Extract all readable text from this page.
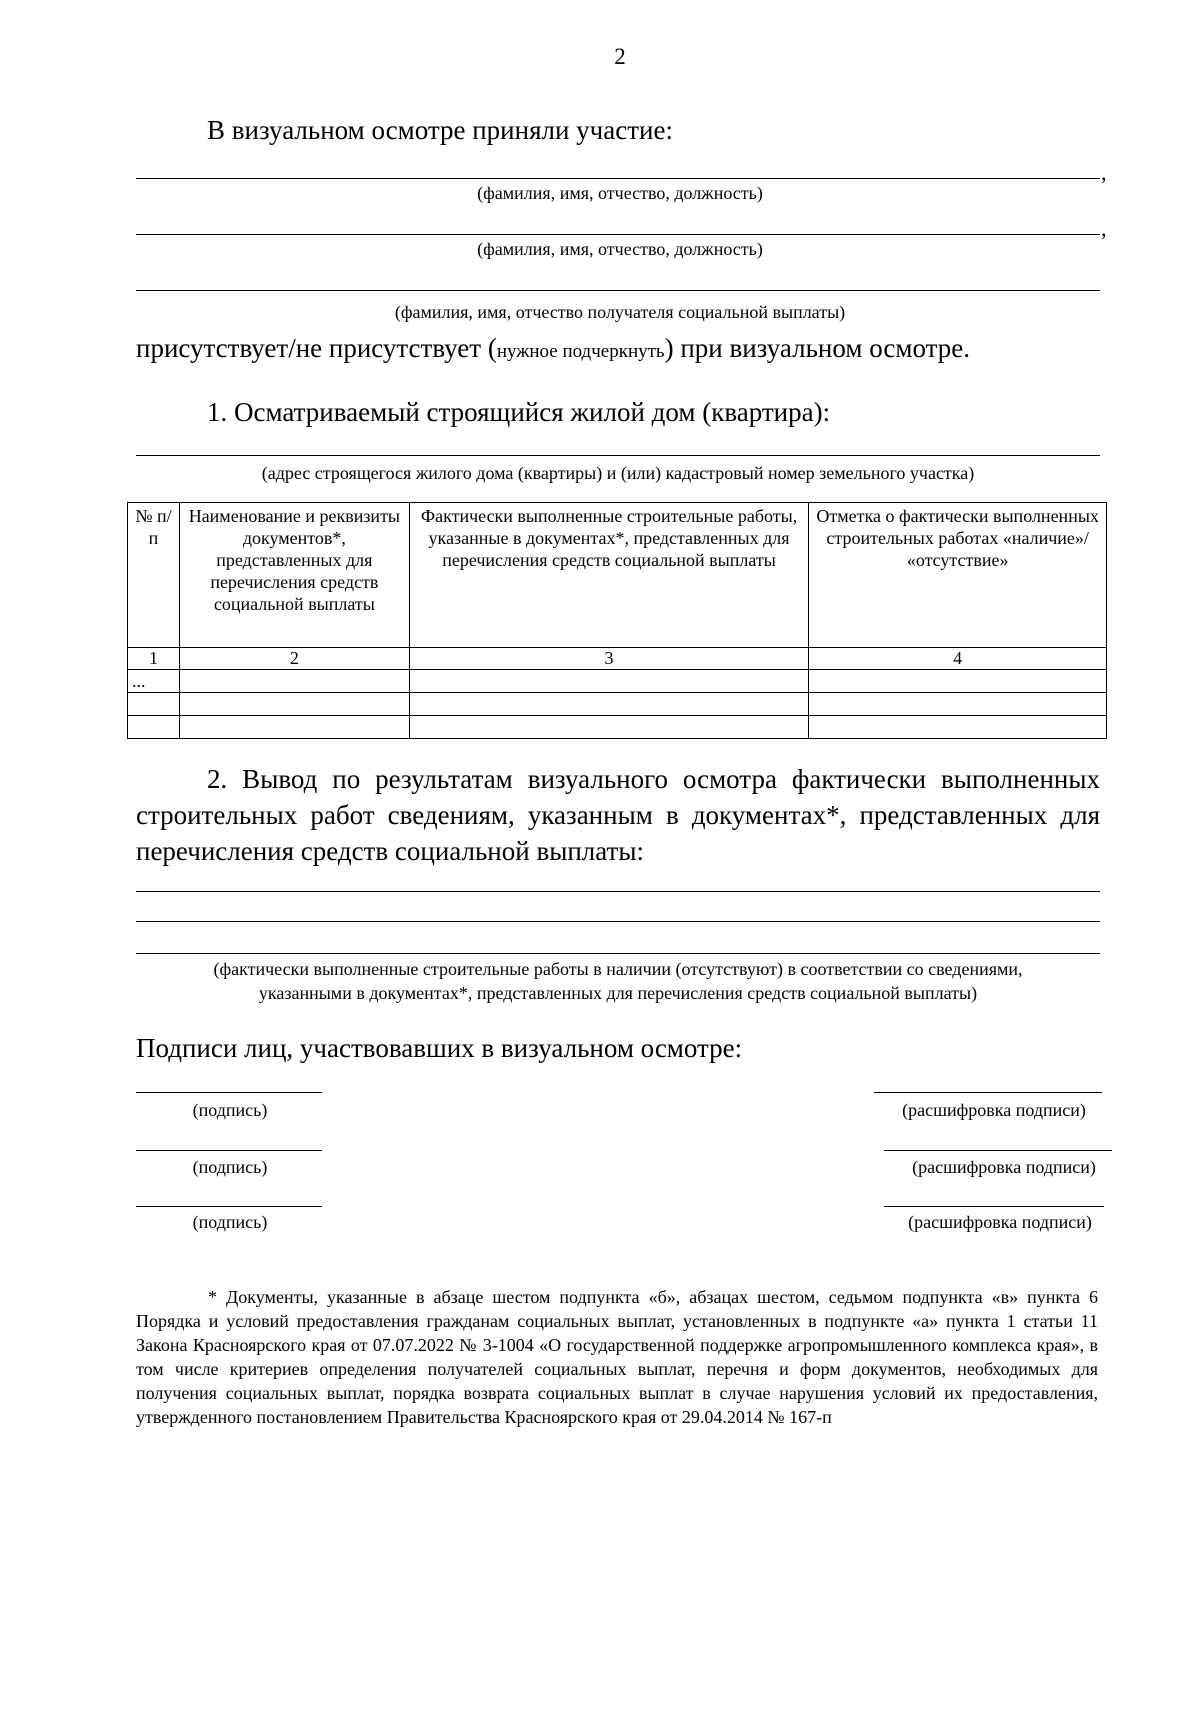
2
В визуальном осмотре приняли участие:
,
(фамилия, имя, отчество, должность)
,
(фамилия, имя, отчество, должность)
(фамилия, имя, отчество получателя социальной выплаты)
присутствует/не присутствует (нужное подчеркнуть) при визуальном осмотре.
1. Осматриваемый строящийся жилой дом (квартира):
(адрес строящегося жилого дома (квартиры) и (или) кадастровый номер земельного участка)
№ п/п	Наименование и реквизиты документов*, представленных для перечисления средств социальной выплаты	Фактически выполненные строительные работы, указанные в документах*, представленных для перечисления средств социальной выплаты	Отметка о фактически выполненных строительных работах «наличие»/ «отсутствие»
1	2	3	4
...			

2. Вывод по результатам визуального осмотра фактически выполненных
строительных работ сведениям, указанным в документах*, представленных для
перечисления средств социальной выплаты:
(фактически выполненные строительные работы в наличии (отсутствуют) в соответствии со сведениями,
указанными в документах*, представленных для перечисления средств социальной выплаты)
Подписи лиц, участвовавших в визуальном осмотре:
(подпись)	(расшифровка подписи)
(подпись)	(расшифровка подписи)
(подпись)	(расшифровка подписи)

* Документы, указанные в абзаце шестом подпункта «б», абзацах шестом, седьмом подпункта «в» пункта 6 Порядка и условий предоставления гражданам социальных выплат, установленных в подпункте «а» пункта 1 статьи 11 Закона Красноярского края от 07.07.2022 № 3-1004 «О государственной поддержке агропромышленного комплекса края», в том числе критериев определения получателей социальных выплат, перечня и форм документов, необходимых для получения социальных выплат, порядка возврата социальных выплат в случае нарушения условий их предоставления, утвержденного постановлением Правительства Красноярского края от 29.04.2014 № 167-п
